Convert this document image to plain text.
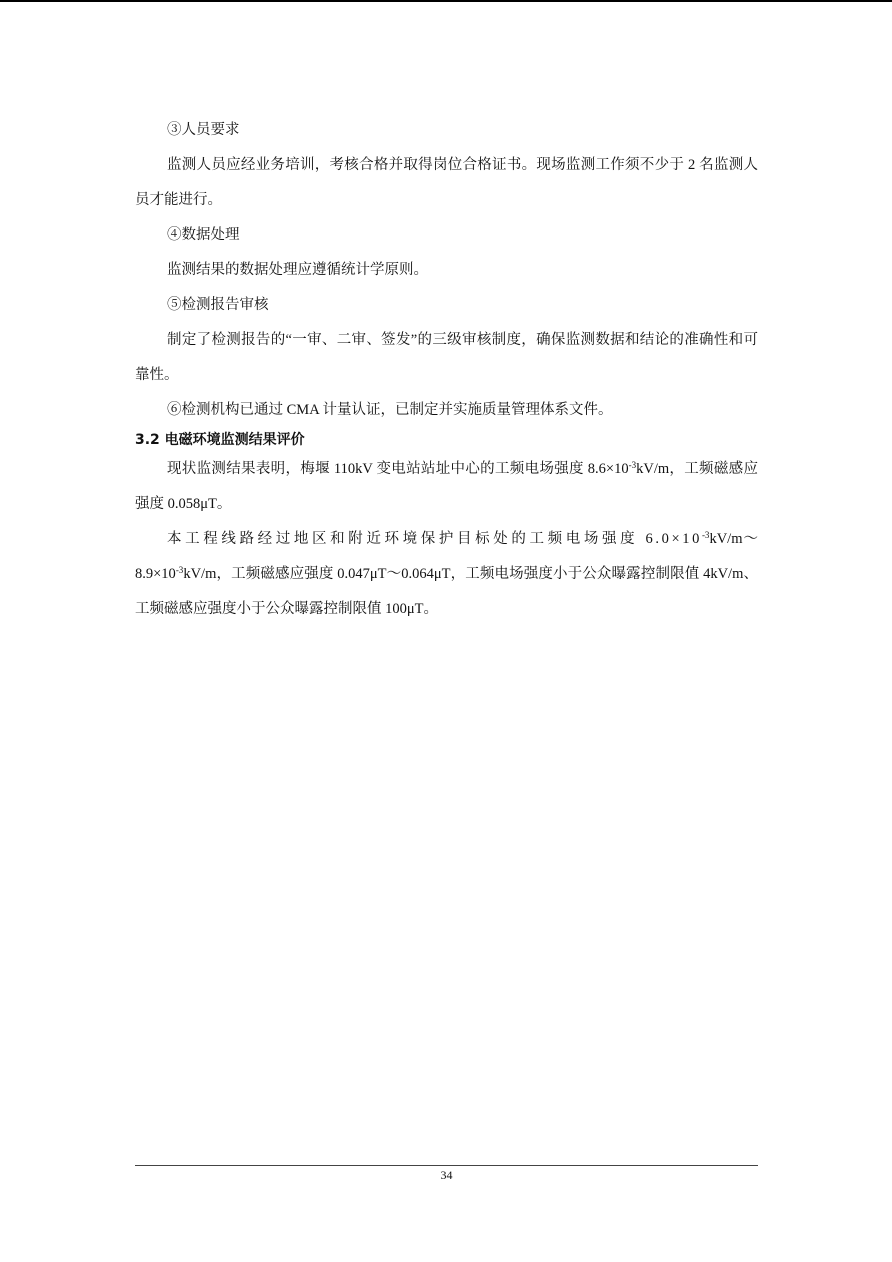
③人员要求

监测人员应经业务培训，考核合格并取得岗位合格证书。现场监测工作须不少于 2 名监测人员才能进行。

④数据处理

监测结果的数据处理应遵循统计学原则。

⑤检测报告审核

制定了检测报告的“一审、二审、签发”的三级审核制度，确保监测数据和结论的准确性和可靠性。

⑥检测机构已通过 CMA 计量认证，已制定并实施质量管理体系文件。

3.2 电磁环境监测结果评价

现状监测结果表明，梅堰 110kV 变电站站址中心的工频电场强度 $8.6\times 10^{-3}kV/m$，工频磁感应强度 0.058μT。

本工程线路经过地区和附近环境保护目标处的工频电场强度 $6.0\times 10^{-3}kV/m\sim 8.9\times 10^{-3}kV/m$，工频磁感应强度 0.047μT～0.064μT，工频电场强度小于公众曝露控制限值 4kV/m、工频磁感应强度小于公众曝露控制限值 100μT。

34
